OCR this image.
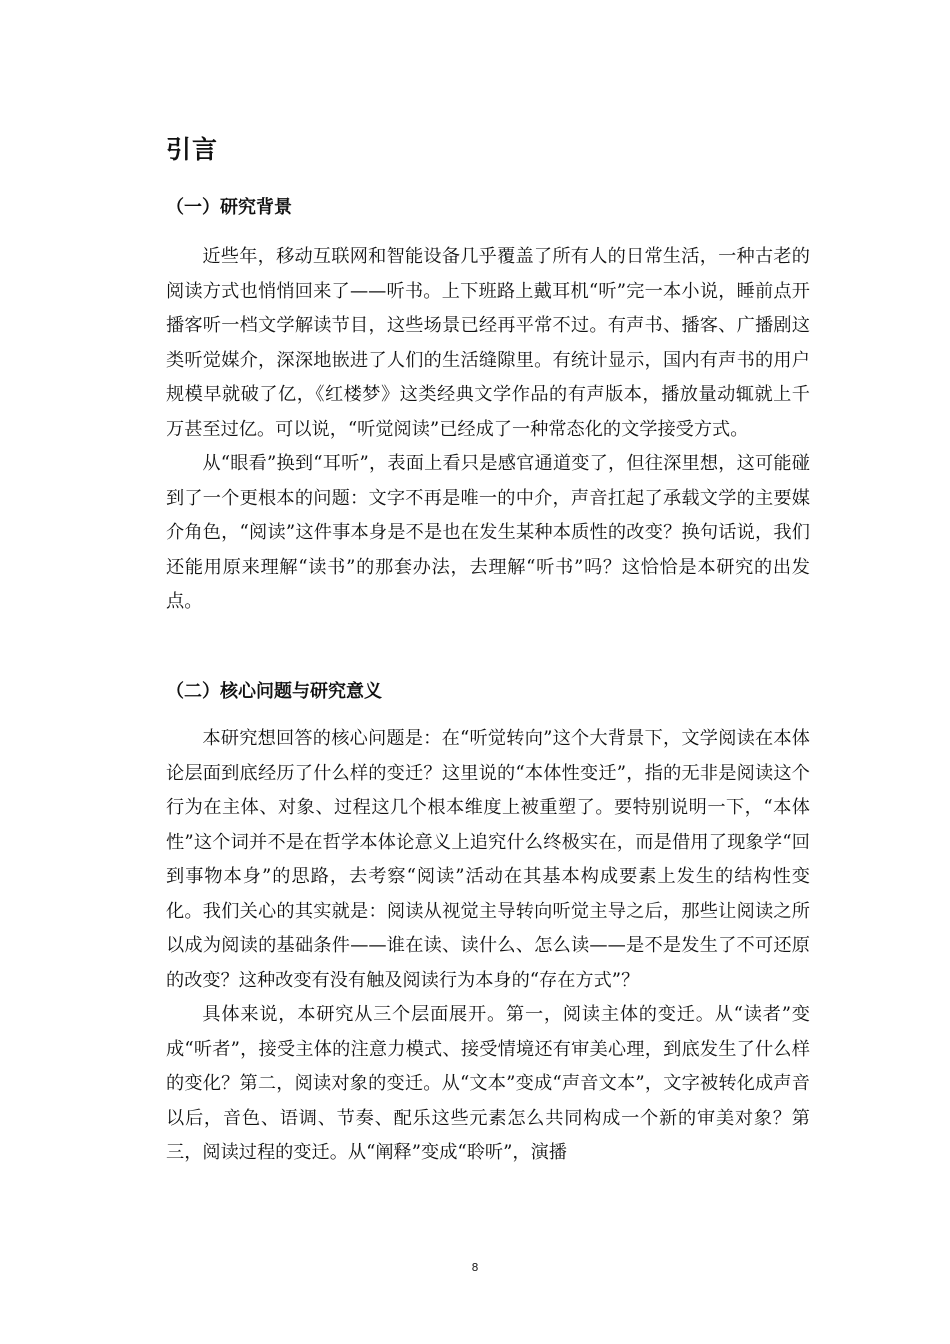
引言
（一）研究背景

近些年，移动互联网和智能设备几乎覆盖了所有人的日常生活，一种古老的阅读方式也悄悄回来了——听书。上下班路上戴耳机“听”完一本小说，睡前点开播客听一档文学解读节目，这些场景已经再平常不过。有声书、播客、广播剧这类听觉媒介，深深地嵌进了人们的生活缝隙里。有统计显示，国内有声书的用户规模早就破了亿，《红楼梦》这类经典文学作品的有声版本，播放量动辄就上千万甚至过亿。可以说，“听觉阅读”已经成了一种常态化的文学接受方式。

从“眼看”换到“耳听”，表面上看只是感官通道变了，但往深里想，这可能碰到了一个更根本的问题：文字不再是唯一的中介，声音扛起了承载文学的主要媒介角色，“阅读”这件事本身是不是也在发生某种本质性的改变？换句话说，我们还能用原来理解“读书”的那套办法，去理解“听书”吗？这恰恰是本研究的出发点。

（二）核心问题与研究意义

本研究想回答的核心问题是：在“听觉转向”这个大背景下，文学阅读在本体论层面到底经历了什么样的变迁？这里说的“本体性变迁”，指的无非是阅读这个行为在主体、对象、过程这几个根本维度上被重塑了。要特别说明一下，“本体性”这个词并不是在哲学本体论意义上追究什么终极实在，而是借用了现象学“回到事物本身”的思路，去考察“阅读”活动在其基本构成要素上发生的结构性变化。我们关心的其实就是：阅读从视觉主导转向听觉主导之后，那些让阅读之所以成为阅读的基础条件——谁在读、读什么、怎么读——是不是发生了不可还原的改变？这种改变有没有触及阅读行为本身的“存在方式”？

具体来说，本研究从三个层面展开。第一，阅读主体的变迁。从“读者”变成“听者”，接受主体的注意力模式、接受情境还有审美心理，到底发生了什么样的变化？第二，阅读对象的变迁。从“文本”变成“声音文本”，文字被转化成声音以后，音色、语调、节奏、配乐这些元素怎么共同构成一个新的审美对象？第三，阅读过程的变迁。从“阐释”变成“聆听”，演播

8
